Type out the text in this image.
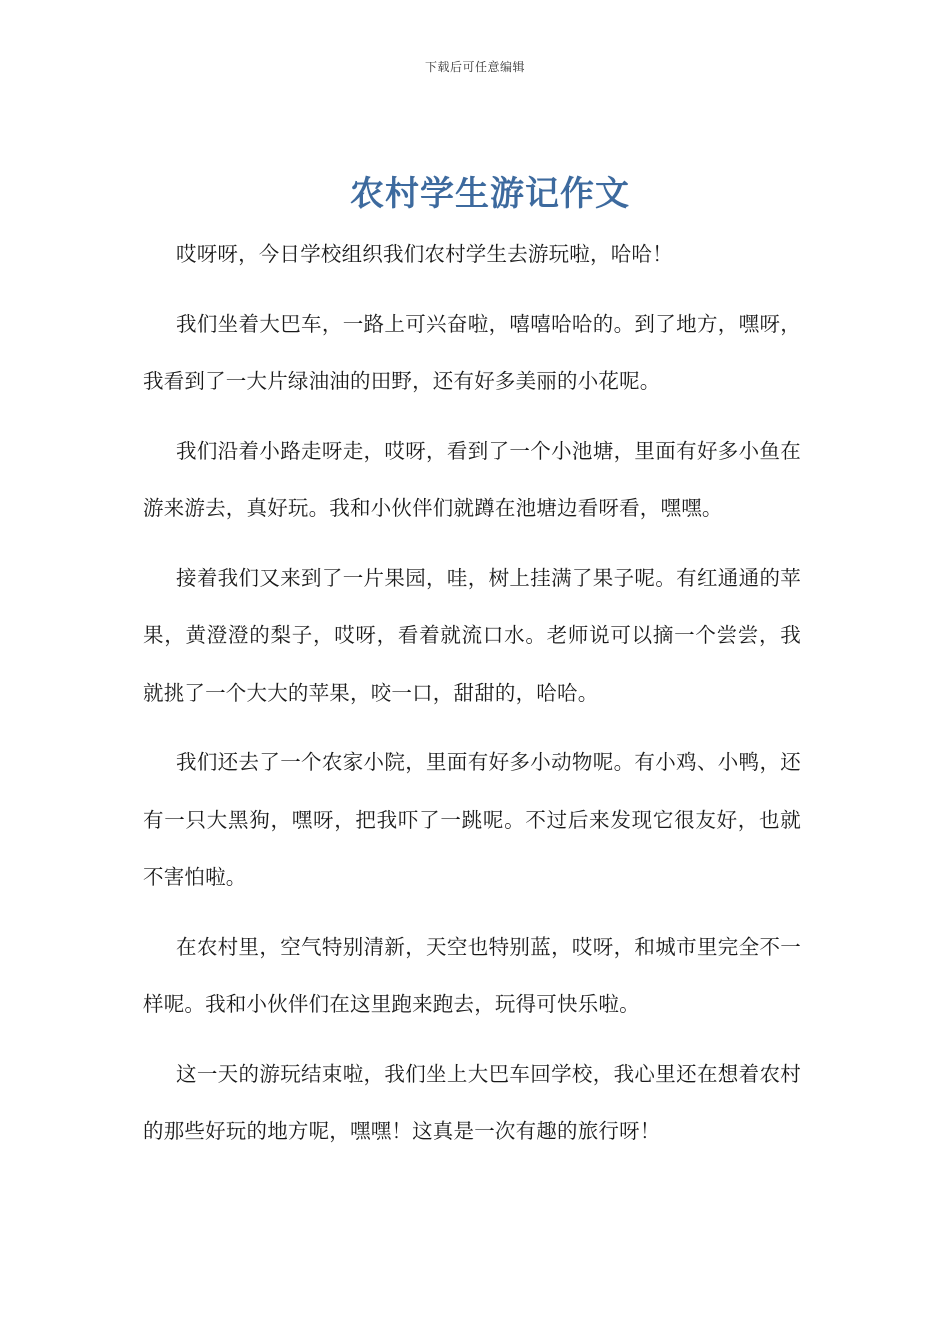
下载后可任意编辑
农村学生游记作文

哎呀呀，今日学校组织我们农村学生去游玩啦，哈哈！

我们坐着大巴车，一路上可兴奋啦，嘻嘻哈哈的。到了地方，嘿呀，我看到了一大片绿油油的田野，还有好多美丽的小花呢。

我们沿着小路走呀走，哎呀，看到了一个小池塘，里面有好多小鱼在游来游去，真好玩。我和小伙伴们就蹲在池塘边看呀看，嘿嘿。

接着我们又来到了一片果园，哇，树上挂满了果子呢。有红通通的苹果，黄澄澄的梨子，哎呀，看着就流口水。老师说可以摘一个尝尝，我就挑了一个大大的苹果，咬一口，甜甜的，哈哈。

我们还去了一个农家小院，里面有好多小动物呢。有小鸡、小鸭，还有一只大黑狗，嘿呀，把我吓了一跳呢。不过后来发现它很友好，也就不害怕啦。

在农村里，空气特别清新，天空也特别蓝，哎呀，和城市里完全不一样呢。我和小伙伴们在这里跑来跑去，玩得可快乐啦。

这一天的游玩结束啦，我们坐上大巴车回学校，我心里还在想着农村的那些好玩的地方呢，嘿嘿！这真是一次有趣的旅行呀！
